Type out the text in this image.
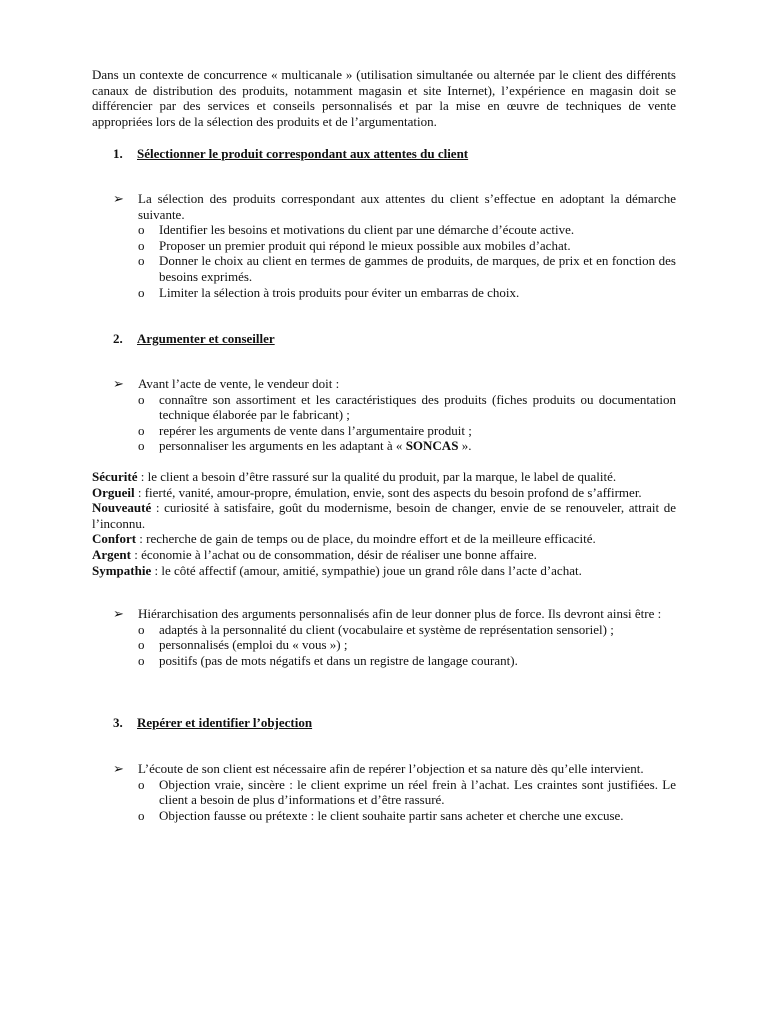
Dans un contexte de concurrence « multicanale » (utilisation simultanée ou alternée par le client des différents canaux de distribution des produits, notamment magasin et site Internet), l’expérience en magasin doit se différencier par des services et conseils personnalisés et par la mise en œuvre de techniques de vente appropriées lors de la sélection des produits et de l’argumentation.

1. Sélectionner le produit correspondant aux attentes du client
➢ La sélection des produits correspondant aux attentes du client s’effectue en adoptant la démarche suivante.

o Identifier les besoins et motivations du client par une démarche d’écoute active.
o Proposer un premier produit qui répond le mieux possible aux mobiles d’achat.
o Donner le choix au client en termes de gammes de produits, de marques, de prix et en fonction des besoins exprimés.
o Limiter la sélection à trois produits pour éviter un embarras de choix.
2. Argumenter et conseiller
➢ Avant l’acte de vente, le vendeur doit :

o connaître son assortiment et les caractéristiques des produits (fiches produits ou documentation technique élaborée par le fabricant) ;
o repérer les arguments de vente dans l’argumentaire produit ;
o personnaliser les arguments en les adaptant à « SONCAS ».

Sécurité : le client a besoin d’être rassuré sur la qualité du produit, par la marque, le label de qualité.

Orgueil : fierté, vanité, amour-propre, émulation, envie, sont des aspects du besoin profond de s’affirmer.

Nouveauté : curiosité à satisfaire, goût du modernisme, besoin de changer, envie de se renouveler, attrait de l’inconnu.

Confort : recherche de gain de temps ou de place, du moindre effort et de la meilleure efficacité.

Argent : économie à l’achat ou de consommation, désir de réaliser une bonne affaire.

Sympathie : le côté affectif (amour, amitié, sympathie) joue un grand rôle dans l’acte d’achat.

➢ Hiérarchisation des arguments personnalisés afin de leur donner plus de force. Ils devront ainsi être :

o adaptés à la personnalité du client (vocabulaire et système de représentation sensoriel) ;
o personnalisés (emploi du « vous ») ;
o positifs (pas de mots négatifs et dans un registre de langage courant).
3. Repérer et identifier l’objection
➢ L’écoute de son client est nécessaire afin de repérer l’objection et sa nature dès qu’elle intervient.

o Objection vraie, sincère : le client exprime un réel frein à l’achat. Les craintes sont justifiées. Le client a besoin de plus d’informations et d’être rassuré.
o Objection fausse ou prétexte : le client souhaite partir sans acheter et cherche une excuse.
